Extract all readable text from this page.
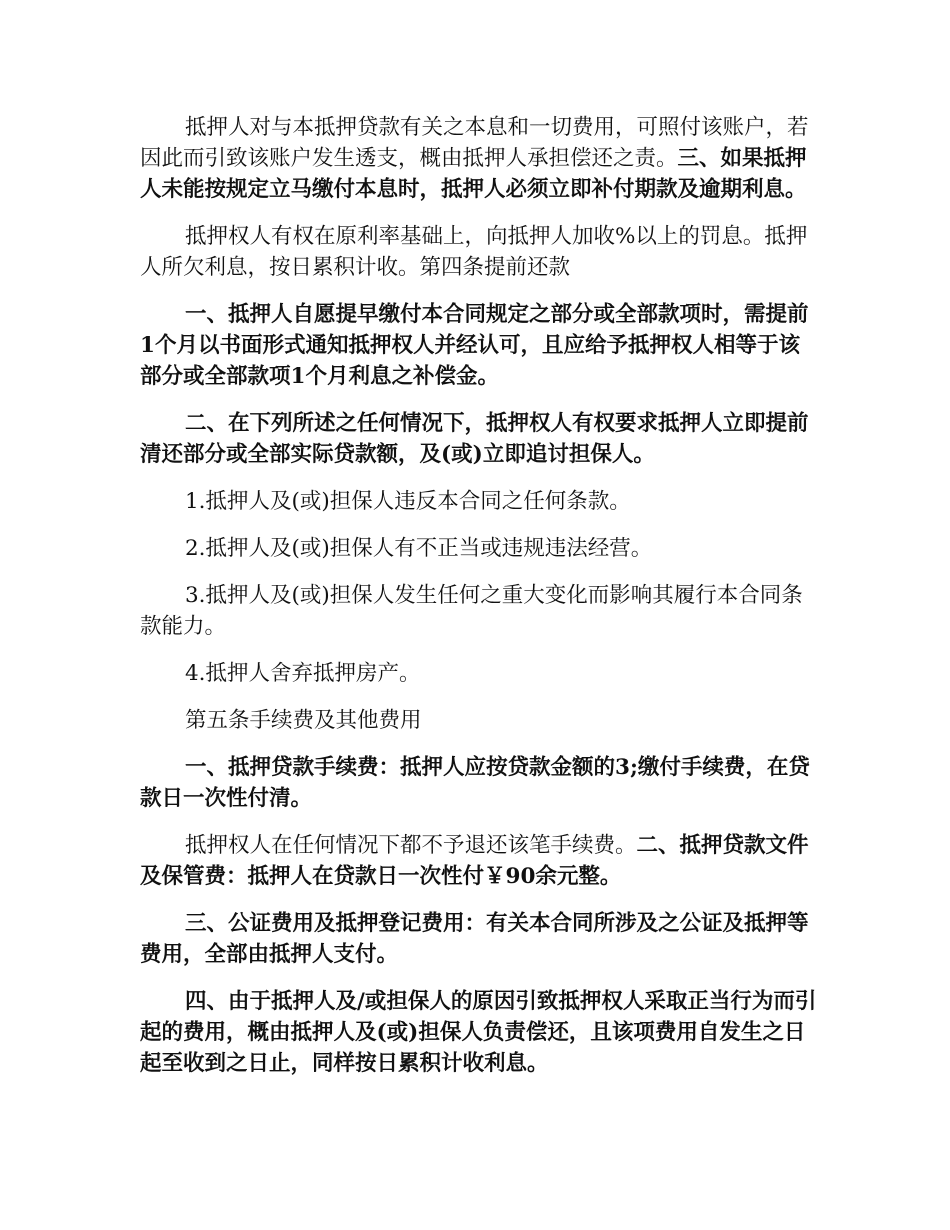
抵押人对与本抵押贷款有关之本息和一切费用，可照付该账户，若因此而引致该账户发生透支，概由抵押人承担偿还之责。三、如果抵押人未能按规定立马缴付本息时，抵押人必须立即补付期款及逾期利息。

抵押权人有权在原利率基础上，向抵押人加收%以上的罚息。抵押人所欠利息，按日累积计收。第四条提前还款

一、抵押人自愿提早缴付本合同规定之部分或全部款项时，需提前1个月以书面形式通知抵押权人并经认可，且应给予抵押权人相等于该部分或全部款项1个月利息之补偿金。

二、在下列所述之任何情况下，抵押权人有权要求抵押人立即提前清还部分或全部实际贷款额，及(或)立即追讨担保人。

1.抵押人及(或)担保人违反本合同之任何条款。

2.抵押人及(或)担保人有不正当或违规违法经营。

3.抵押人及(或)担保人发生任何之重大变化而影响其履行本合同条款能力。

4.抵押人舍弃抵押房产。

第五条手续费及其他费用

一、抵押贷款手续费：抵押人应按贷款金额的3;缴付手续费，在贷款日一次性付清。

抵押权人在任何情况下都不予退还该笔手续费。二、抵押贷款文件及保管费：抵押人在贷款日一次性付￥90余元整。

三、公证费用及抵押登记费用：有关本合同所涉及之公证及抵押等费用，全部由抵押人支付。

四、由于抵押人及/或担保人的原因引致抵押权人采取正当行为而引起的费用，概由抵押人及(或)担保人负责偿还，且该项费用自发生之日起至收到之日止，同样按日累积计收利息。
